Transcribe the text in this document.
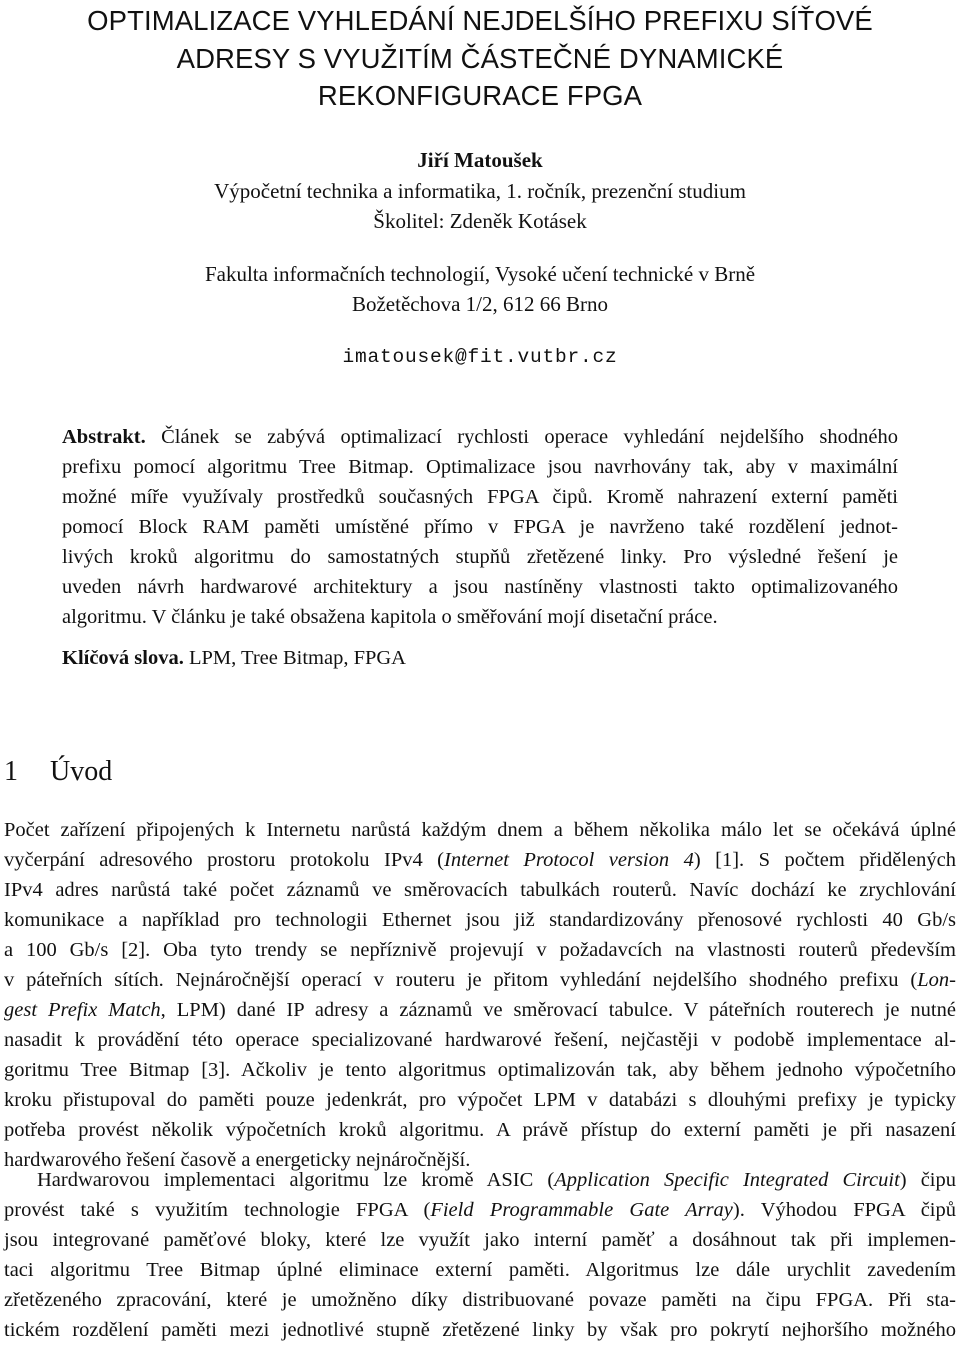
OPTIMALIZACE VYHLEDÁNÍ NEJDELŠÍHO PREFIXU SÍŤOVÉ
ADRESY S VYUŽITÍM ČÁSTEČNÉ DYNAMICKÉ
REKONFIGURACE FPGA
Jiří Matoušek
Výpočetní technika a informatika, 1. ročník, prezenční studium
Školitel: Zdeněk Kotásek
Fakulta informačních technologií, Vysoké učení technické v Brně
Božetěchova 1/2, 612 66 Brno
imatousek@fit.vutbr.cz
Abstrakt. Článek se zabývá optimalizací rychlosti operace vyhledání nejdelšího shodného
prefixu pomocí algoritmu Tree Bitmap. Optimalizace jsou navrhovány tak, aby v maximální
možné míře využívaly prostředků současných FPGA čipů. Kromě nahrazení externí paměti
pomocí Block RAM paměti umístěné přímo v FPGA je navrženo také rozdělení jednot-
livých kroků algoritmu do samostatných stupňů zřetězené linky. Pro výsledné řešení je
uveden návrh hardwarové architektury a jsou nastíněny vlastnosti takto optimalizovaného
algoritmu. V článku je také obsažena kapitola o směřování mojí disetační práce.
Klíčová slova. LPM, Tree Bitmap, FPGA
1 Úvod
Počet zařízení připojených k Internetu narůstá každým dnem a během několika málo let se očekává úplné
vyčerpání adresového prostoru protokolu IPv4 (Internet Protocol version 4) [1]. S počtem přidělených
IPv4 adres narůstá také počet záznamů ve směrovacích tabulkách routerů. Navíc dochází ke zrychlování
komunikace a například pro technologii Ethernet jsou již standardizovány přenosové rychlosti 40 Gb/s
a 100 Gb/s [2]. Oba tyto trendy se nepříznivě projevují v požadavcích na vlastnosti routerů především
v páteřních sítích. Nejnáročnější operací v routeru je přitom vyhledání nejdelšího shodného prefixu (Lon-
gest Prefix Match, LPM) dané IP adresy a záznamů ve směrovací tabulce. V páteřních routerech je nutné
nasadit k provádění této operace specializované hardwarové řešení, nejčastěji v podobě implementace al-
goritmu Tree Bitmap [3]. Ačkoliv je tento algoritmus optimalizován tak, aby během jednoho výpočetního
kroku přistupoval do paměti pouze jedenkrát, pro výpočet LPM v databázi s dlouhými prefixy je typicky
potřeba provést několik výpočetních kroků algoritmu. A právě přístup do externí paměti je při nasazení
hardwarového řešení časově a energeticky nejnáročnější.
Hardwarovou implementaci algoritmu lze kromě ASIC (Application Specific Integrated Circuit) čipu
provést také s využitím technologie FPGA (Field Programmable Gate Array). Výhodou FPGA čipů
jsou integrované paměťové bloky, které lze využít jako interní paměť a dosáhnout tak při implemen-
taci algoritmu Tree Bitmap úplné eliminace externí paměti. Algoritmus lze dále urychlit zavedením
zřetězeného zpracování, které je umožněno díky distribuované povaze paměti na čipu FPGA. Při sta-
tickém rozdělení paměti mezi jednotlivé stupně zřetězené linky by však pro pokrytí nejhoršího možného
